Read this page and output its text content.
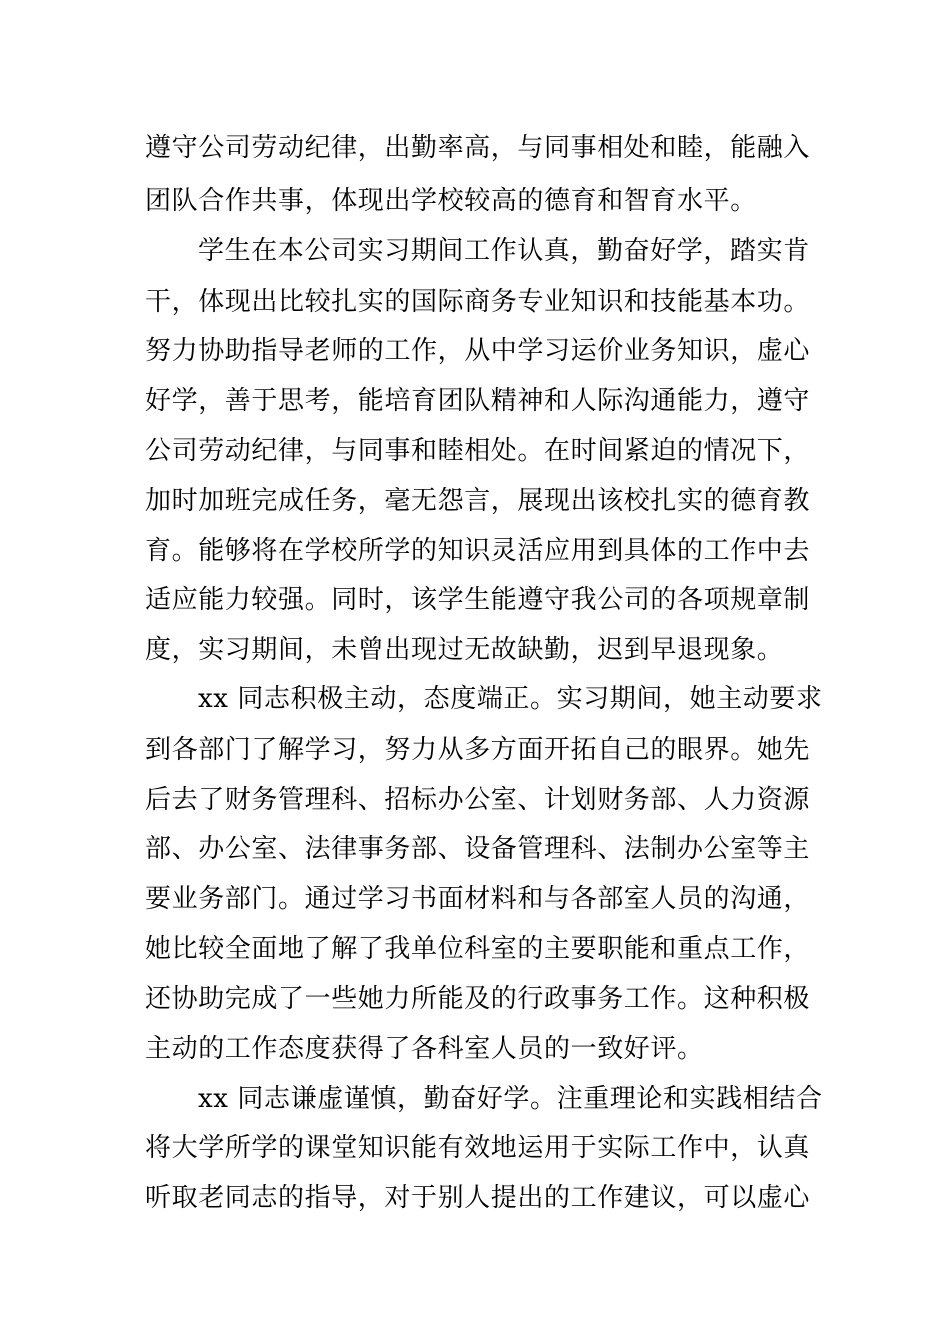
遵守公司劳动纪律，出勤率高，与同事相处和睦，能融入
团队合作共事，体现出学校较高的德育和智育水平。
学生在本公司实习期间工作认真，勤奋好学，踏实肯
干，体现出比较扎实的国际商务专业知识和技能基本功。
努力协助指导老师的工作，从中学习运价业务知识，虚心
好学，善于思考，能培育团队精神和人际沟通能力，遵守
公司劳动纪律，与同事和睦相处。在时间紧迫的情况下，
加时加班完成任务，毫无怨言，展现出该校扎实的德育教
育。能够将在学校所学的知识灵活应用到具体的工作中去
适应能力较强。同时，该学生能遵守我公司的各项规章制
度，实习期间，未曾出现过无故缺勤，迟到早退现象。
xx 同志积极主动，态度端正。实习期间，她主动要求
到各部门了解学习，努力从多方面开拓自己的眼界。她先
后去了财务管理科、招标办公室、计划财务部、人力资源
部、办公室、法律事务部、设备管理科、法制办公室等主
要业务部门。通过学习书面材料和与各部室人员的沟通，
她比较全面地了解了我单位科室的主要职能和重点工作，
还协助完成了一些她力所能及的行政事务工作。这种积极
主动的工作态度获得了各科室人员的一致好评。
xx 同志谦虚谨慎，勤奋好学。注重理论和实践相结合
将大学所学的课堂知识能有效地运用于实际工作中，认真
听取老同志的指导，对于别人提出的工作建议，可以虚心
